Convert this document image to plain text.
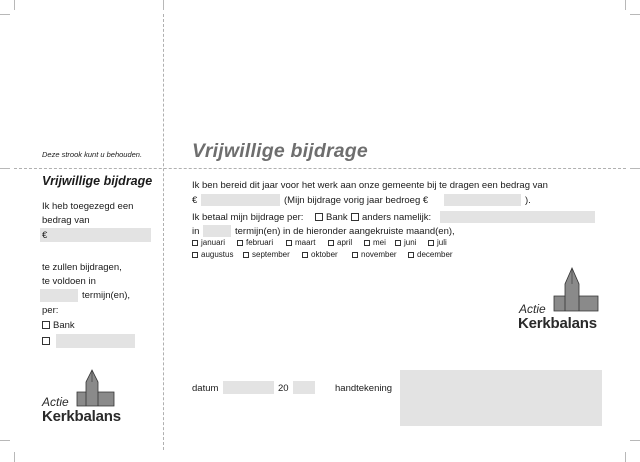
Deze strook kunt u behouden.
Vrijwillige bijdrage
Ik heb toegezegd een
bedrag van
€
te zullen bijdragen,
te voldoen in
termijn(en),
per:
Bank
Actie
Kerkbalans
Vrijwillige bijdrage
Ik ben bereid dit jaar voor het werk aan onze gemeente bij te dragen een bedrag van
€	(Mijn bijdrage vorig jaar bedroeg €	).
Ik betaal mijn bijdrage per:	Bank	anders namelijk:
in	termijn(en) in de hieronder aangekruiste maand(en),
januari	februari	maart	april	mei	juni	juli
augustus	september	oktober	november	december
Actie
Kerkbalans
datum	20	handtekening
